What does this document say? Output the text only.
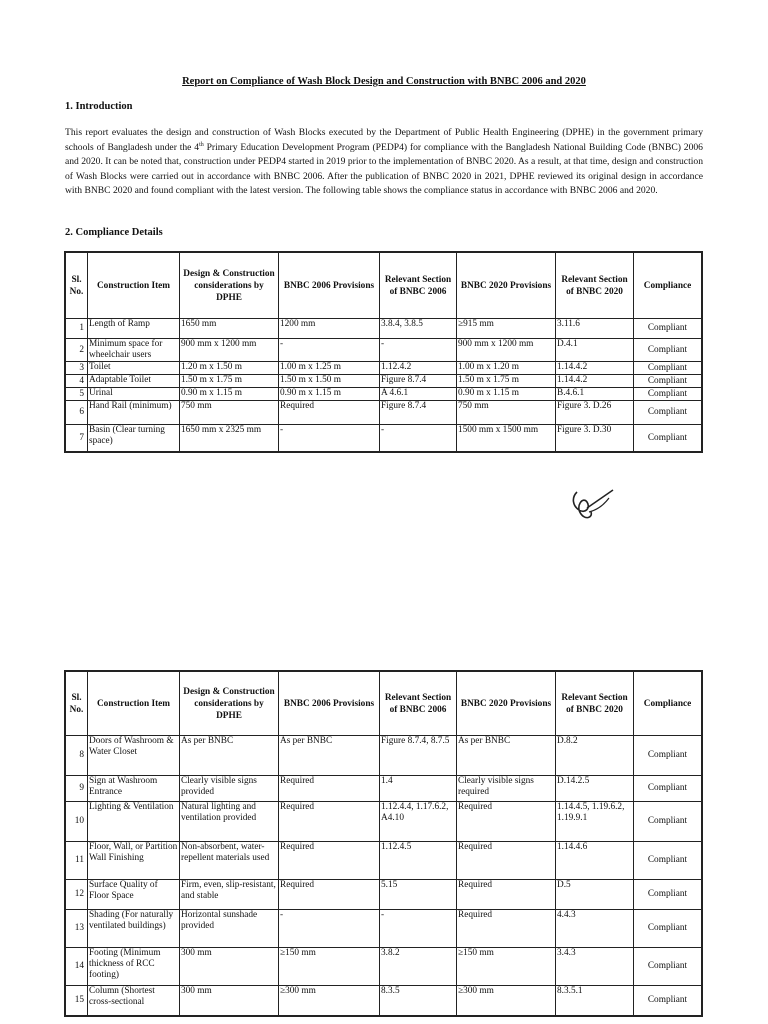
Report on Compliance of Wash Block Design and Construction with BNBC 2006 and 2020
1. Introduction
This report evaluates the design and construction of Wash Blocks executed by the Department of Public Health Engineering (DPHE) in the government primary schools of Bangladesh under the 4th Primary Education Development Program (PEDP4) for compliance with the Bangladesh National Building Code (BNBC) 2006 and 2020. It can be noted that, construction under PEDP4 started in 2019 prior to the implementation of BNBC 2020. As a result, at that time, design and construction of Wash Blocks were carried out in accordance with BNBC 2006. After the publication of BNBC 2020 in 2021, DPHE reviewed its original design in accordance with BNBC 2020 and found compliant with the latest version. The following table shows the compliance status in accordance with BNBC 2006 and 2020.
2. Compliance Details
Sl. No.	Construction Item	Design & Construction considerations by DPHE	BNBC 2006 Provisions	Relevant Section of BNBC 2006	BNBC 2020 Provisions	Relevant Section of BNBC 2020	Compliance
1	Length of Ramp	1650 mm	1200 mm	3.8.4, 3.8.5	≥915 mm	3.11.6	Compliant
2	Minimum space for wheelchair users	900 mm x 1200 mm	-	-	900 mm x 1200 mm	D.4.1	Compliant
3	Toilet	1.20 m x 1.50 m	1.00 m x 1.25 m	1.12.4.2	1.00 m x 1.20 m	1.14.4.2	Compliant
4	Adaptable Toilet	1.50 m x 1.75 m	1.50 m x 1.50 m	Figure 8.7.4	1.50 m x 1.75 m	1.14.4.2	Compliant
5	Urinal	0.90 m x 1.15 m	0.90 m x 1.15 m	A 4.6.1	0.90 m x 1.15 m	B.4.6.1	Compliant
6	Hand Rail (minimum)	750 mm	Required	Figure 8.7.4	750 mm	Figure 3. D.26	Compliant
7	Basin (Clear turning space)	1650 mm x 2325 mm	-	-	1500 mm x 1500 mm	Figure 3. D.30	Compliant
Sl. No.	Construction Item	Design & Construction considerations by DPHE	BNBC 2006 Provisions	Relevant Section of BNBC 2006	BNBC 2020 Provisions	Relevant Section of BNBC 2020	Compliance
8	Doors of Washroom & Water Closet	As per BNBC	As per BNBC	Figure 8.7.4, 8.7.5	As per BNBC	D.8.2	Compliant
9	Sign at Washroom Entrance	Clearly visible signs provided	Required	1.4	Clearly visible signs required	D.14.2.5	Compliant
10	Lighting & Ventilation	Natural lighting and ventilation provided	Required	1.12.4.4, 1.17.6.2, A4.10	Required	1.14.4.5, 1.19.6.2, 1.19.9.1	Compliant
11	Floor, Wall, or Partition Wall Finishing	Non-absorbent, water-repellent materials used	Required	1.12.4.5	Required	1.14.4.6	Compliant
12	Surface Quality of Floor Space	Firm, even, slip-resistant, and stable	Required	5.15	Required	D.5	Compliant
13	Shading (For naturally ventilated buildings)	Horizontal sunshade provided	-	-	Required	4.4.3	Compliant
14	Footing (Minimum thickness of RCC footing)	300 mm	≥150 mm	3.8.2	≥150 mm	3.4.3	Compliant
15	Column (Shortest cross-sectional	300 mm	≥300 mm	8.3.5	≥300 mm	8.3.5.1	Compliant
